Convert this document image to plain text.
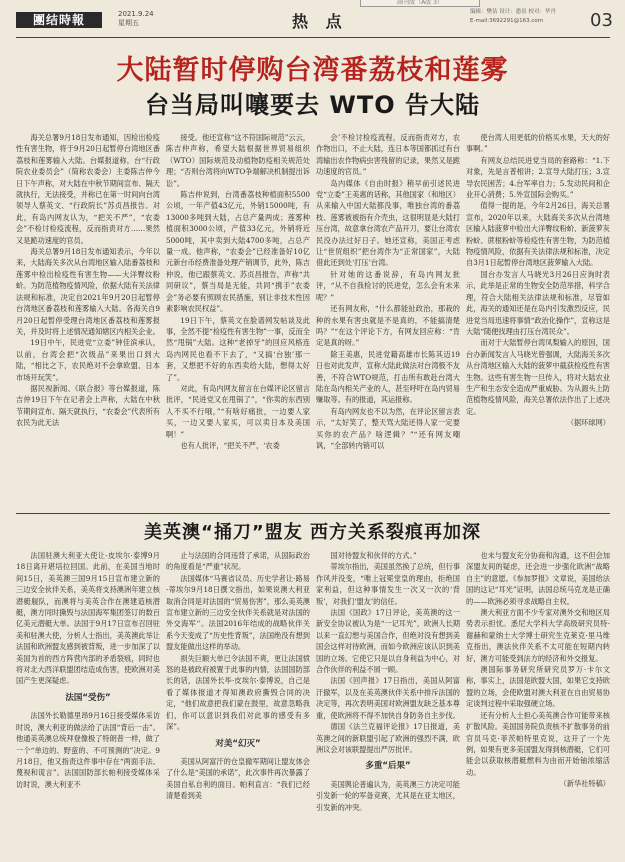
副刊版（A版 3）
團结時報	2021.9.24
星期五	热 点	编辑：樊估 设计：愚景 校对：毕丹
E-mail:3692291@163.com	03
大陆暂时停购台湾番荔枝和莲雾
台当局叫嚷要去 WTO 告大陆

海关总署9月18日发布通知，因检出检疫性有害生物，将于9月20日起暂停台湾地区番荔枝和莲雾输入大陆。台媒报道称，台“行政院农业委员会”（简称农委会）主委陈吉仲今日下午声称，对大陆在中秋节期间宣布、隔天就执行，无法接受，并称已在第一时间向台湾领导人蔡英文、“行政院长”苏贞昌报告。对此，有岛内网友认为，“把关不严”，“农委会”不检讨检疫流程，反而指责对方……果然又是跪功速度的官员。

海关总署9月18日发布通知表示，今年以来，大陆海关多次从台湾地区输入陆番荔枝和莲雾中检出检疫性有害生物——大洋臀纹粉蚧。为防范植物疫情风险，依据大陆有关法律法规和标准，决定自2021年9月20日起暂停台湾地区番荔枝和莲雾输入大陆。各海关自9月20日起暂停受理台湾地区番荔枝和莲雾报关，并及时将上述情况通知辖区内相关企业。

19日中午，民进党“立委”钟佳滨承认，以前，台湾会把“次级品”来果出口到大陆，“相比之下，农民绝对不会拿欧盟、日本市场开玩笑”。

据民视新闻、《联合报》等台媒报道，陈吉仲19日下午在记者会上声称，大陆在中秋节期间宣布、隔天就执行，“农委会”代表所有农民为此无法

接受。他还宣称“这不符国际规范”云云，陈吉仲声称，希望大陆根据世界贸易组织（WTO）国际规范及动植物防疫相关规范处理；“否则台湾将向WTO争端解决机制提出诉讼”。

陈吉仲说到，台湾番荔枝种植面积5500公顷，一年产值43亿元，外销15000吨，有13000多吨到大陆，占总产量两成；莲雾种植面积3000公顷，产值33亿元，外销将近5000吨，其中卖到大陆4700多吨，占总产量一成。他声称，“农委会”已经准备好10亿元新台币经费准备处理产销调节，此外，陈吉仲说，他已跟蔡英文、苏贞昌报告，声称“共同研议”，蔡当局是无能，共同“携手”农委会”务必要有照顾农民措施，别让非技术性因素影响农民权益”。

19日下午，蔡英文在脸谱网发帖谈及此事，全然不提“检疫性有害生物”一事，反而全然“甩锅”大陆。这种“老掉牙”的回应风格连岛内网民也看不下去了，“又搞‘台独’那一套，又想把不好的东西卖给大陆，想得太好了”。

对此，有岛内网友留言在台媒评论区留言批评，“民进党又在甩锅了”，“你卖的东西别人不买不行哦，”“有啥好痛批，一边要人家买，一边又要人家买，可以卖日本及美国啊！”

也有人批评，“把关不严，‘农委

会’不检讨检疫流程，反而指责对方，农作物出口，不止大陆，连日本等国都抓过有台湾输出农作物病虫害残留的记录，果然又是跪功速度的官员。”

岛内媒体《自由时报》稍早前引述民进党“立委”王美惠的话称，其他国家（和地区）从来输入中国大陆都没事，唯独台湾的番荔枝、莲雾被被指有介壳虫，这很明显是大陆打压台湾，故意拿台湾农产品开刀，要让台湾农民没办法过好日子。她还宣称，美国正考虑让“世贸组织”把台湾作为“正常国家”，大陆借此还到处‘打压’台湾。

针对她的这番说辞，有岛内网友批评，“从不自我检讨的民进党，怎么会有未来呢？”

还有网友称，“什么都能扯政治，那栽的种的水果有害虫就是不是真的，不能搞清楚吗？”“在这个评论下方，有网友回应称：“肯定是真的呀。”

除王美惠，民进党籍高雄市长陈其迈19日也对此发声，宣称大陆此做法对台湾极不友善，不符合WTO规范，打击所有敢赴台湾大陆在岛内相关产业的人，甚至呼吁在岛内贸易赚取等。有的报道，其运报称。

有岛内网友也不以为然，在评论区留言表示，“太好笑了，整天骂大陆还得人家一定要买你的农产品？啥逻辑？”“还有网友嘲讽，“全部转内销可以

使台湾人用更低的价格买水果，天大的好事啊。”

有网友总结民进党当局的套路称：“1.下对象，先是言普相讲；2.宣导大陆打压；3.宣导农民困苦；4.台军率自力；5.发动民间和企业开心消费；5.外宣国际会购买。”

值得一提的是，今年2月26日，海关总署宣布，2020年以来，大陆海关多次从台湾地区输入陆菠萝中检出大洋臀纹粉蚧、新菠萝灰粉蚧、蔗根粉蚧等检疫性有害生物，为防范植物疫情风险，依据有关法律法规和标准，决定自3月1日起暂停台湾地区菠萝输入大陆。

国台办发言人马晓光3月26日应询时表示，此举是正常的生物安全防范举措，科学合理，符合大陆相关法律法规和标准，尽管如此，海关的通知还是在岛内引发激烈反应，民进党当局迅速将事情“政治化操作”，宣称这是大陆“随便找理由打压台湾民众”。

而对于大陆暂停台湾凤梨输入的原因，国台办新闻发言人马晓光曾强调，大陆海关多次从台湾地区输入大陆的菠萝中截获检疫性有害生物。这些有害生物一旦传入，将对大陆农业生产和生态安全造成严重威胁。为从源头上防范植物疫情风险，海关总署依法作出了上述决定。

（据环球网）

美英澳“捅刀”盟友 西方关系裂痕再加深

法国驻澳大利亚大使让-皮埃尔·泰博9月18日离开堪培拉回国。此前，在美国当地时间15日，美英澳三国9月15日宣布建立新的三边安全伙伴关系，美英将支持澳洲年建立核潜艇舰队，而澳将与美英合作在澳建造核潜艇，澳方同时撕毁与法国海军集团签订的数百亿美元潜艇大单。法国于9月17日宣布召回驻美和驻澳大使，分析人士指出，美英澳此举让法国和欧洲盟友感到被背叛，进一步加深了以美国为首的西方阵营内部的矛盾裂痕，同时也将对北大西洋联盟团结造成伤害，使欧洲对美国产生更深疑虑。

法国“受伤”

法国外长勒德里昂9月16日接受媒体采访时说，澳大利亚的做法给了法国“背后一击”。他通美英澳总统拜登像极了特朗普一样，做了一个“单边的、野蛮的、不可预测的”决定。9月18日，他又指责这件事中存在“两面手法、蔑视和谎言”。法国国防部长帕利接受媒体采访时说，澳大利亚不

止与法国的合同违背了承诺，从国际政治的角度看是“严重”状况。

法国媒体“马赛省议员、历史学者让·路易·蒂埃尔9月18日撰文指出，如果说澳大利亚取消合同是对法国的“贸易伤害”，那么美英澳宣布建立新的三边安全伙伴关系就是对法国的外交海军‘’。法国2016年结成的战略伙伴关系今天变成了“历史性背叛”，法国绝没有想到盟友能做出这样的举动。

损失巨额大单已令法国不爽，更让法国愤怒的是被政府被置于此事的内情，法国国防部长的话，法国外长毕·皮埃尔·泰博说，自己是看了媒体报道才得知澳政府撕毁合同的决定，“他们故意把我们蒙在鼓里，故意忽略我们，你可以意识到我们对此事的感受有多深”。

对美“幻灭”

美国从阿富汗的仓皇撤军期间让盟友体会了什么是“美国的承诺”，此次事件再次暴露了美国自私自利的面目。帕利直言：“我们已经清楚看到美

国对待盟友和伙伴的方式。”

蒂埃尔指出，美国虽然换了总统，但行事作风并没变，“唯上冠冕堂皇的理由，拒绝国家利益，但这种事情发生一次又一次的‘背叛’，对我们‘盟友’的信任。

法国《国政》17日评论，美英澳的这一新安全协议被认为是“一记耳光”，欧洲人长期以来一直幻想与美国合作，但绝对没有想到美国会这样对待欧洲，而如今欧洲应该认识到美国的立场。它使它只是以自身利益为中心，对合作伙伴的利益不屑一顾。

法国《回声报》17日指出，美国从阿富汗撤军，以及在美英澳伙伴关系中排斥法国的决定等，再次表明美国对欧洲盟友缺乏基本尊重，使欧洲将不得不加快自身防务自主步伐。

德国《法兰克福评论报》17日报道，美英澳之间的新联盟引起了欧洲的强烈不满，欧洲议会对该联盟提出严厉批评。

多重“后果”

美国舆论普遍认为，美英澳三方决定可能引发新一轮的军备竞赛，尤其是在亚太地区，引发新的冲突。

也未与盟友充分协商和沟通，这不但会加深盟友间的疑虑，还会进一步强化欧洲“战略自主”的意愿。《参加罗报》文章说，美国给法国的这记“耳光”证明，法国总统马克龙是正确的——欧洲必须寻求战略自主权。

澳大利亚方面不少专家对澳外交和地区局势表示担忧。悉尼大学科大学高级研究员特·谢赫和蒙纳士大学博士研究生克莱克·里马维克指出，澳法伙伴关系不太可能在短期内转好，澳方可能受到法方的经济和外交报复。

澳国际事务研究所研究员罗万·卡尔文称，事实上，法国是欧盟大国，如果它支持欧盟的立场，会使欧盟对澳大利亚在自由贸易协定谈判过程中采取强硬立场。

还有分析人士担心美英澳合作可能带来核扩散风险。美国国务院负责核不扩散事务的前官员马克·菲茨帕特里克说，这开了一个先例，如果有更多美国盟友得到核潜艇，它们可能会以获取核潜艇燃料为由而开始铀浓缩活动。

（新华社特稿）
